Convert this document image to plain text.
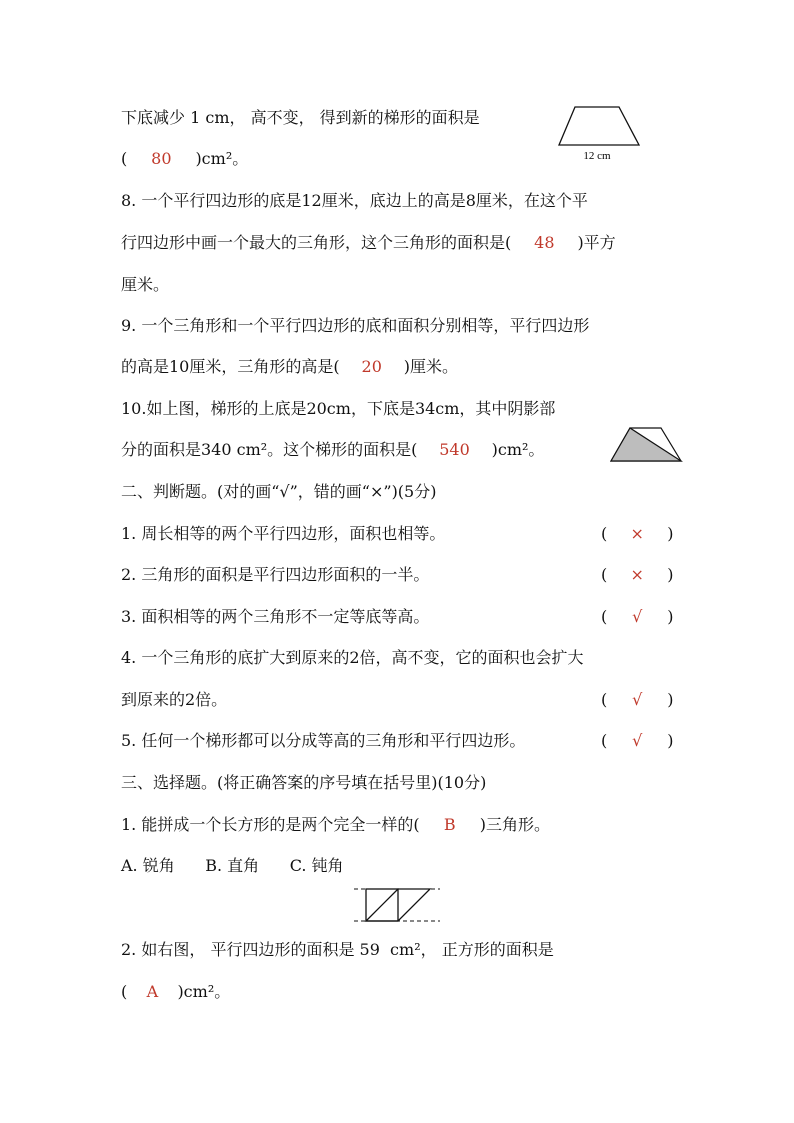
下底减少 1 cm， 高不变， 得到新的梯形的面积是
( 80 )cm²。	12 cm
8. 一个平行四边形的底是12厘米，底边上的高是8厘米，在这个平
行四边形中画一个最大的三角形，这个三角形的面积是( 48 )平方
厘米。
9. 一个三角形和一个平行四边形的底和面积分别相等，平行四边形
的高是10厘米，三角形的高是( 20 )厘米。
10.如上图，梯形的上底是20cm，下底是34cm，其中阴影部
分的面积是340 cm²。这个梯形的面积是( 540 )cm²。
二、判断题。(对的画“√”，错的画“×”)(5分)
1. 周长相等的两个平行四边形，面积也相等。	( × )
2. 三角形的面积是平行四边形面积的一半。	( × )
3. 面积相等的两个三角形不一定等底等高。	( √ )
4. 一个三角形的底扩大到原来的2倍，高不变，它的面积也会扩大
到原来的2倍。	( √ )
5. 任何一个梯形都可以分成等高的三角形和平行四边形。	( √ )
三、选择题。(将正确答案的序号填在括号里)(10分)
1. 能拼成一个长方形的是两个完全一样的( B )三角形。
A. 锐角      B. 直角      C. 钝角
2. 如右图， 平行四边形的面积是 59  cm²， 正方形的面积是
( A )cm²。
